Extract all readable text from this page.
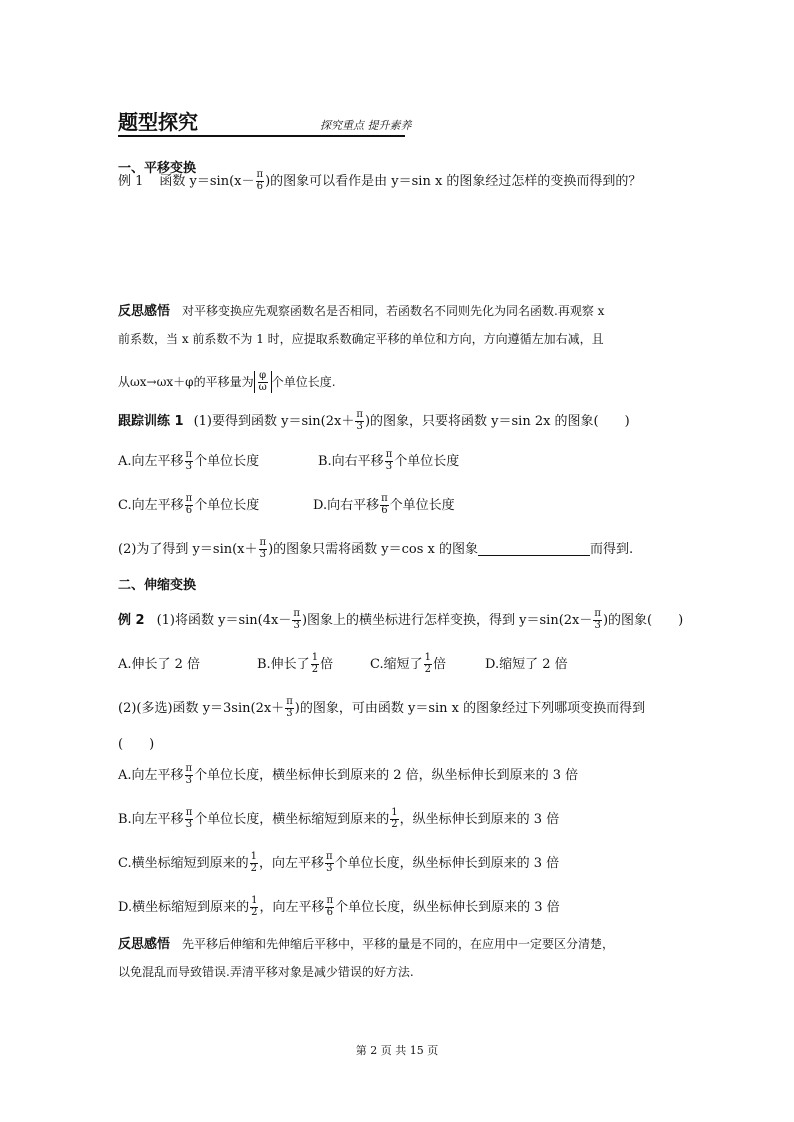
题型探究	探究重点 提升素养
一、平移变换
例 1 函数 $y=\sin(x- \frac{\pi}{6}$ )的图象可以看作是由 y＝sin x 的图象经过怎样的变换而得到的？
反思感悟 对平移变换应先观察函数名是否相同，若函数名不同则先化为同名函数.再观察 x
前系数，当 x 前系数不为 1 时，应提取系数确定平移的单位和方向，方向遵循左加右减，且
从ωx→ωx＋φ的平移量为 $\frac{\varphi}{\omega}$ 个单位长度.
跟踪训练 1 (1)要得到函数 $y=\sin(2x+ \frac{\pi}{3}$ )的图象，只要将函数 y＝sin 2x 的图象(　　)
A.向左平移 $\frac{\pi}{3}$ 个单位长度	B.向右平移 $\frac{\pi}{3}$ 个单位长度
C.向左平移 $\frac{\pi}{6}$ 个单位长度	D.向右平移 $\frac{\pi}{6}$ 个单位长度
(2)为了得到 $y=\sin(x+ \frac{\pi}{3}$ )的图象只需将函数 y＝cos x 的图象	而得到.
二、伸缩变换
例 2 (1)将函数 $y=\sin(4x- \frac{\pi}{3}$ )图象上的横坐标进行怎样变换，得到 $y=\sin(2x- \frac{\pi}{3}$ )的图象(　　)
A.伸长了 2 倍	B.伸长了 $\frac{1}{2}$ 倍	C.缩短了 $\frac{1}{2}$ 倍	D.缩短了 2 倍
(2)(多选)函数 $y=3\sin(2x+ \frac{\pi}{3}$ )的图象，可由函数 y＝sin x 的图象经过下列哪项变换而得到
(　　)
A.向左平移 $\frac{\pi}{3}$ 个单位长度，横坐标伸长到原来的 2 倍，纵坐标伸长到原来的 3 倍
B.向左平移 $\frac{\pi}{3}$ 个单位长度，横坐标缩短到原来的 $\frac{1}{2}$ ，纵坐标伸长到原来的 3 倍
C.横坐标缩短到原来的 $\frac{1}{2}$ ，向左平移 $\frac{\pi}{3}$ 个单位长度，纵坐标伸长到原来的 3 倍
D.横坐标缩短到原来的 $\frac{1}{2}$ ，向左平移 $\frac{\pi}{6}$ 个单位长度，纵坐标伸长到原来的 3 倍
反思感悟 先平移后伸缩和先伸缩后平移中，平移的量是不同的，在应用中一定要区分清楚，
以免混乱而导致错误.弄清平移对象是减少错误的好方法.
第 2 页 共 15 页
